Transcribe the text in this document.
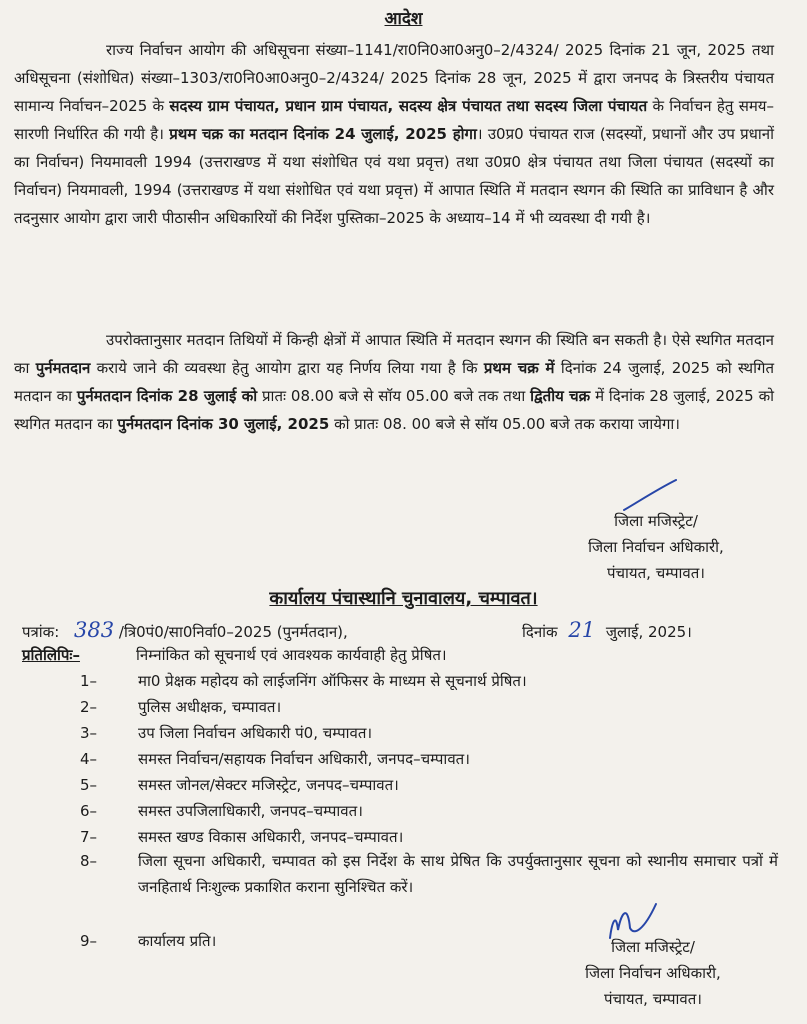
आदेश
राज्य निर्वाचन आयोग की अधिसूचना संख्या–1141/रा0नि0आ0अनु0–2/4324/ 2025 दिनांक 21 जून, 2025 तथा अधिसूचना (संशोधित) संख्या–1303/रा0नि0आ0अनु0–2/4324/ 2025 दिनांक 28 जून, 2025 में द्वारा जनपद के त्रिस्तरीय पंचायत सामान्य निर्वाचन–2025 के सदस्य ग्राम पंचायत, प्रधान ग्राम पंचायत, सदस्य क्षेत्र पंचायत तथा सदस्य जिला पंचायत के निर्वाचन हेतु समय–सारणी निर्धारित की गयी है। प्रथम चक्र का मतदान दिनांक 24 जुलाई, 2025 होगा। उ0प्र0 पंचायत राज (सदस्यों, प्रधानों और उप प्रधानों का निर्वाचन) नियमावली 1994 (उत्तराखण्ड में यथा संशोधित एवं यथा प्रवृत्त) तथा उ0प्र0 क्षेत्र पंचायत तथा जिला पंचायत (सदस्यों का निर्वाचन) नियमावली, 1994 (उत्तराखण्ड में यथा संशोधित एवं यथा प्रवृत्त) में आपात स्थिति में मतदान स्थगन की स्थिति का प्राविधान है और तदनुसार आयोग द्वारा जारी पीठासीन अधिकारियों की निर्देश पुस्तिका–2025 के अध्याय–14 में भी व्यवस्था दी गयी है।
उपरोक्तानुसार मतदान तिथियों में किन्ही क्षेत्रों में आपात स्थिति में मतदान स्थगन की स्थिति बन सकती है। ऐसे स्थगित मतदान का पुर्नमतदान कराये जाने की व्यवस्था हेतु आयोग द्वारा यह निर्णय लिया गया है कि प्रथम चक्र में दिनांक 24 जुलाई, 2025 को स्थगित मतदान का पुर्नमतदान दिनांक 28 जुलाई को प्रातः 08.00 बजे से सॉय 05.00 बजे तक तथा द्वितीय चक्र में दिनांक 28 जुलाई, 2025 को स्थगित मतदान का पुर्नमतदान दिनांक 30 जुलाई, 2025 को प्रातः 08. 00 बजे से सॉय 05.00 बजे तक कराया जायेगा।
जिला मजिस्ट्रेट/
जिला निर्वाचन अधिकारी,
पंचायत, चम्पावत।
कार्यालय पंचास्थानि चुनावालय, चम्पावत।
पत्रांक: 383 /त्रि0पं0/सा0निर्वा0–2025 (पुनर्मतदान),	दिनांक 21 जुलाई, 2025।
प्रतिलिपिः–	निम्नांकित को सूचनार्थ एवं आवश्यक कार्यवाही हेतु प्रेषित।
1–	मा0 प्रेक्षक महोदय को लाईजनिंग ऑफिसर के माध्यम से सूचनार्थ प्रेषित।
2–	पुलिस अधीक्षक, चम्पावत।
3–	उप जिला निर्वाचन अधिकारी पं0, चम्पावत।
4–	समस्त निर्वाचन/सहायक निर्वाचन अधिकारी, जनपद–चम्पावत।
5–	समस्त जोनल/सेक्टर मजिस्ट्रेट, जनपद–चम्पावत।
6–	समस्त उपजिलाधिकारी, जनपद–चम्पावत।
7–	समस्त खण्ड विकास अधिकारी, जनपद–चम्पावत।
8–	जिला सूचना अधिकारी, चम्पावत को इस निर्देश के साथ प्रेषित कि उपर्युक्तानुसार सूचना को स्थानीय समाचार पत्रों में जनहितार्थ निःशुल्क प्रकाशित कराना सुनिश्चित करें।
9–	कार्यालय प्रति।	जिला मजिस्ट्रेट/
जिला निर्वाचन अधिकारी,
पंचायत, चम्पावत।
